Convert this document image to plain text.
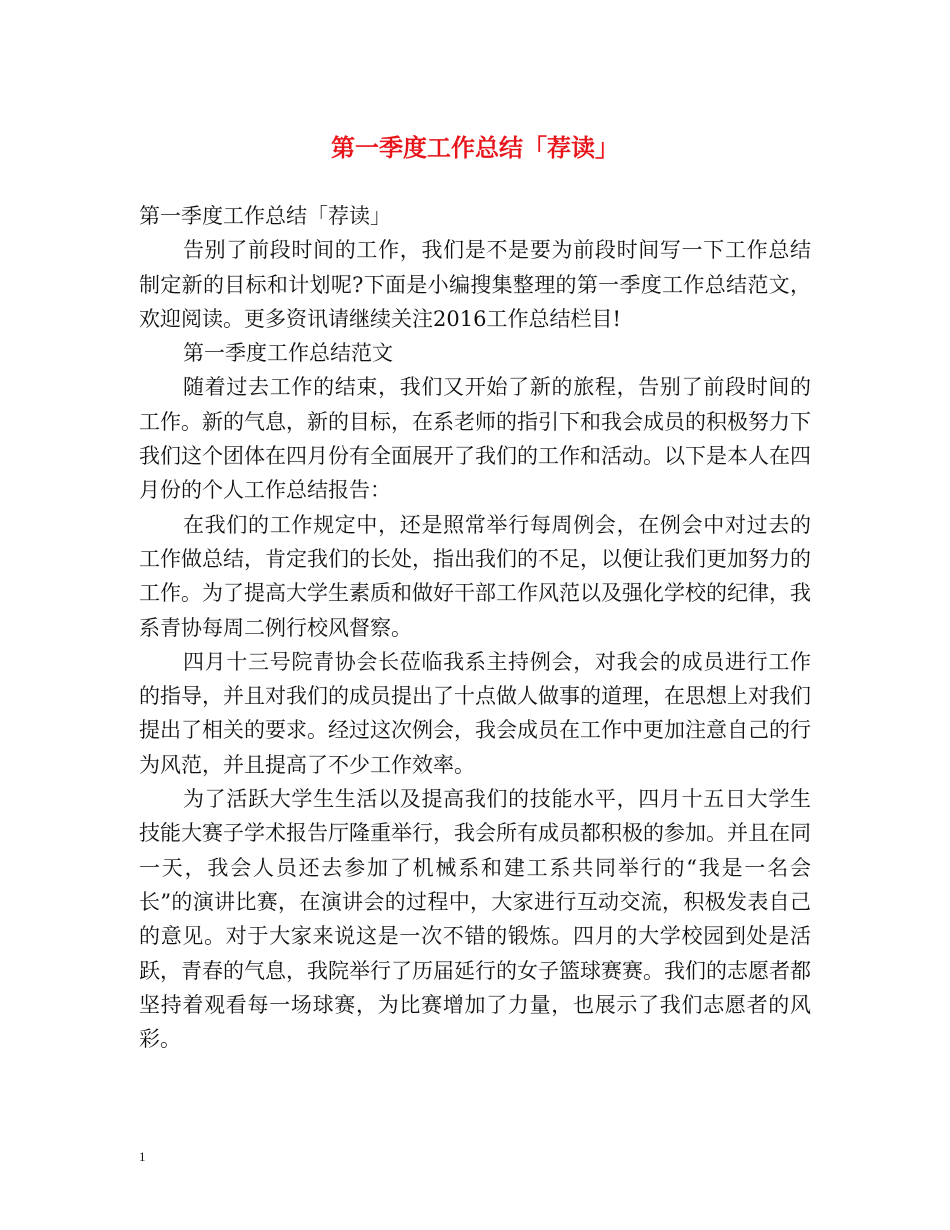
第一季度工作总结「荐读」

第一季度工作总结「荐读」

告别了前段时间的工作，我们是不是要为前段时间写一下工作总结制定新的目标和计划呢?下面是小编搜集整理的第一季度工作总结范文，欢迎阅读。更多资讯请继续关注2016工作总结栏目!

第一季度工作总结范文

随着过去工作的结束，我们又开始了新的旅程，告别了前段时间的工作。新的气息，新的目标，在系老师的指引下和我会成员的积极努力下我们这个团体在四月份有全面展开了我们的工作和活动。以下是本人在四月份的个人工作总结报告：

在我们的工作规定中，还是照常举行每周例会，在例会中对过去的工作做总结，肯定我们的长处，指出我们的不足，以便让我们更加努力的工作。为了提高大学生素质和做好干部工作风范以及强化学校的纪律，我系青协每周二例行校风督察。

四月十三号院青协会长莅临我系主持例会，对我会的成员进行工作的指导，并且对我们的成员提出了十点做人做事的道理，在思想上对我们提出了相关的要求。经过这次例会，我会成员在工作中更加注意自己的行为风范，并且提高了不少工作效率。

为了活跃大学生生活以及提高我们的技能水平，四月十五日大学生技能大赛子学术报告厅隆重举行，我会所有成员都积极的参加。并且在同一天，我会人员还去参加了机械系和建工系共同举行的“我是一名会长”的演讲比赛，在演讲会的过程中，大家进行互动交流，积极发表自己的意见。对于大家来说这是一次不错的锻炼。四月的大学校园到处是活跃，青春的气息，我院举行了历届延行的女子篮球赛赛。我们的志愿者都坚持着观看每一场球赛，为比赛增加了力量，也展示了我们志愿者的风彩。

1
